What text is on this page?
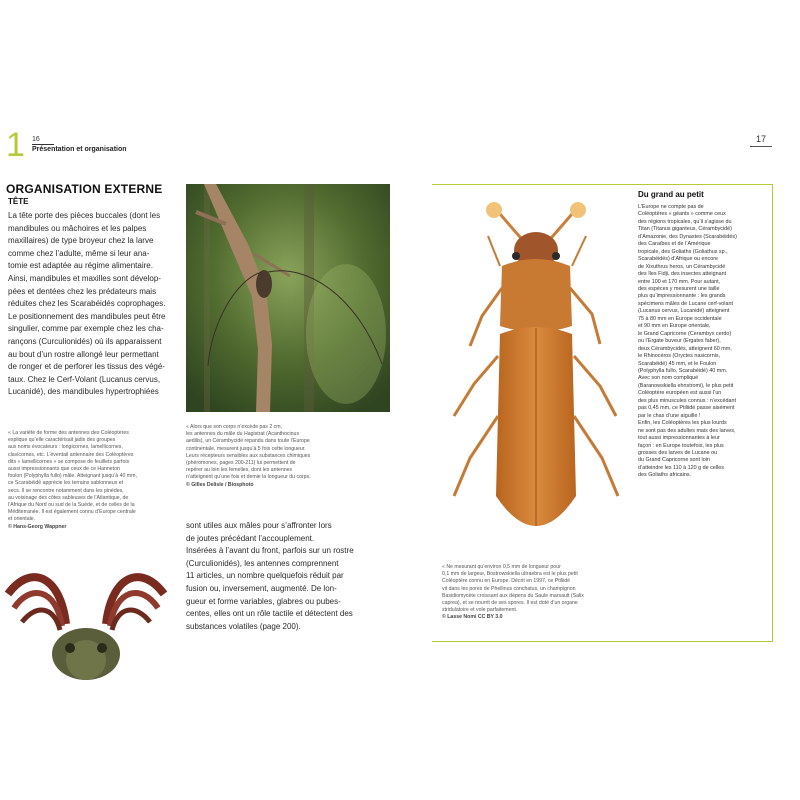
1 16
Présentation et organisation
17
ORGANISATION EXTERNE
TÊTE
La tête porte des pièces buccales (dont les
mandibules ou mâchoires et les palpes
maxillaires) de type broyeur chez la larve
comme chez l’adulte, même si leur ana-
tomie est adaptée au régime alimentaire.
Ainsi, mandibules et maxilles sont dévelop-
pées et dentées chez les prédateurs mais
réduites chez les Scarabéidés coprophages.
Le positionnement des mandibules peut être
singulier, comme par exemple chez les cha-
rançons (Curculionidés) où ils apparaissent
au bout d’un rostre allongé leur permettant
de ronger et de perforer les tissus des végé-
taux. Chez le Cerf-Volant (Lucanus cervus,
Lucanidé), des mandibules hypertrophiées
« La variété de forme des antennes des Coléoptères
explique qu’elle caractérisait jadis des groupes
aux noms évocateurs : longicornes, lamellicornes,
clavicornes, etc. L’éventail antennaire des Coléoptères
dits « lamellicornes » se compose de feuillets parfois
aussi impressionnants que ceux de ce Hanneton
foulon (Polyphylla fullo) mâle. Atteignant jusqu’à 40 mm,
ce Scarabéidé apprécie les terrains sablonneux et
secs. Il se rencontre notamment dans les pinèdes,
au voisinage des côtes sableuses de l’Atlantique, de
l’Afrique du Nord ou sud de la Suède, et de celles de la
Méditerranée. Il est également connu d’Europe centrale
et orientale.
© Hans-Georg Wappner
« Alors que son corps n’excède pas 2 cm,
les antennes du mâle du Hagistrat (Acanthocinus
aedilis), un Cérambycidé répandu dans toute l’Europe
continentale, mesurent jusqu’à 5 fois cette longueur.
Leurs récepteurs sensibles aux substances chimiques
(phéromones, pages 200-211) lui permettent de
repérer au loin les femelles, dont les antennes
n’atteignent qu’une fois et demie la longueur du corps.
© Gilles Delisle / Biosphoto
sont utiles aux mâles pour s’affronter lors
de joutes précédant l’accouplement.
Insérées à l’avant du front, parfois sur un rostre
(Curculionidés), les antennes comprennent
11 articles, un nombre quelquefois réduit par
fusion ou, inversement, augmenté. De lon-
gueur et forme variables, glabres ou pubes-
centes, elles ont un rôle tactile et détectent des
substances volatiles (page 200).
Du grand au petit
L’Europe ne compte pas de
Coléoptères « géants » comme ceux
des régions tropicales, qu’il s’agisse du
Titan (Titanus giganteus, Cérambycidé)
d’Amazonie, des Dynastes (Scarabéidés)
des Caraïbes et de l’Amérique
tropicale, des Goliaths (Goliathus sp.,
Scarabéidés) d’Afrique ou encore
de Xixuthrus heros, un Cérambycidé
des îles Fidji, des insectes atteignant
entre 100 et 170 mm. Pour autant,
des espèces y mesurent une taille
plus qu’impressionnante : les grands
spécimens mâles de Lucane cerf-volant
(Lucanus cervus, Lucanidé) atteignent
75 à 80 mm en Europe occidentale
et 90 mm en Europe orientale,
le Grand Capricorne (Cerambyx cerdo)
ou l’Ergate buveur (Ergates faber),
deux Cérambycidés, atteignent 60 mm,
le Rhinocéros (Oryctes nasicornis,
Scarabéidé) 45 mm, et le Foulon
(Polyphylla fullo, Scarabéidé) 40 mm.
Avec son nom compliqué
(Baranowskiella ehnstromi), le plus petit
Coléoptère européen est aussi l’un
des plus minuscules connus : n’excédant
pas 0,45 mm, ce Ptiliidé passe aisément
par le chas d’une aiguille !
Enfin, les Coléoptères les plus lourds
ne sont pas des adultes mais des larves,
tout aussi impressionnantes à leur
façon : en Europe toutefois, les plus
grosses des larves de Lucane ou
du Grand Capricorne sont loin
d’atteindre les 110 à 120 g de celles
des Goliaths africains.
« Ne mesurant qu’environ 0,5 mm de longueur pour
0,1 mm de largeur, Bostrowskiella ultraebra est le plus petit
Coléoptère connu en Europe. Décrit en 1997, ce Ptiliidé
vit dans les pores de Phellinus conchatus, un champignon
Basidiomycète croissant aux dépens du Saule marsault (Salix
caprea), et se nourrit de ses spores. Il est doté d’un organe
stridulatoire et vole parfaitement.
© Lasse Nomi CC BY 3.0
